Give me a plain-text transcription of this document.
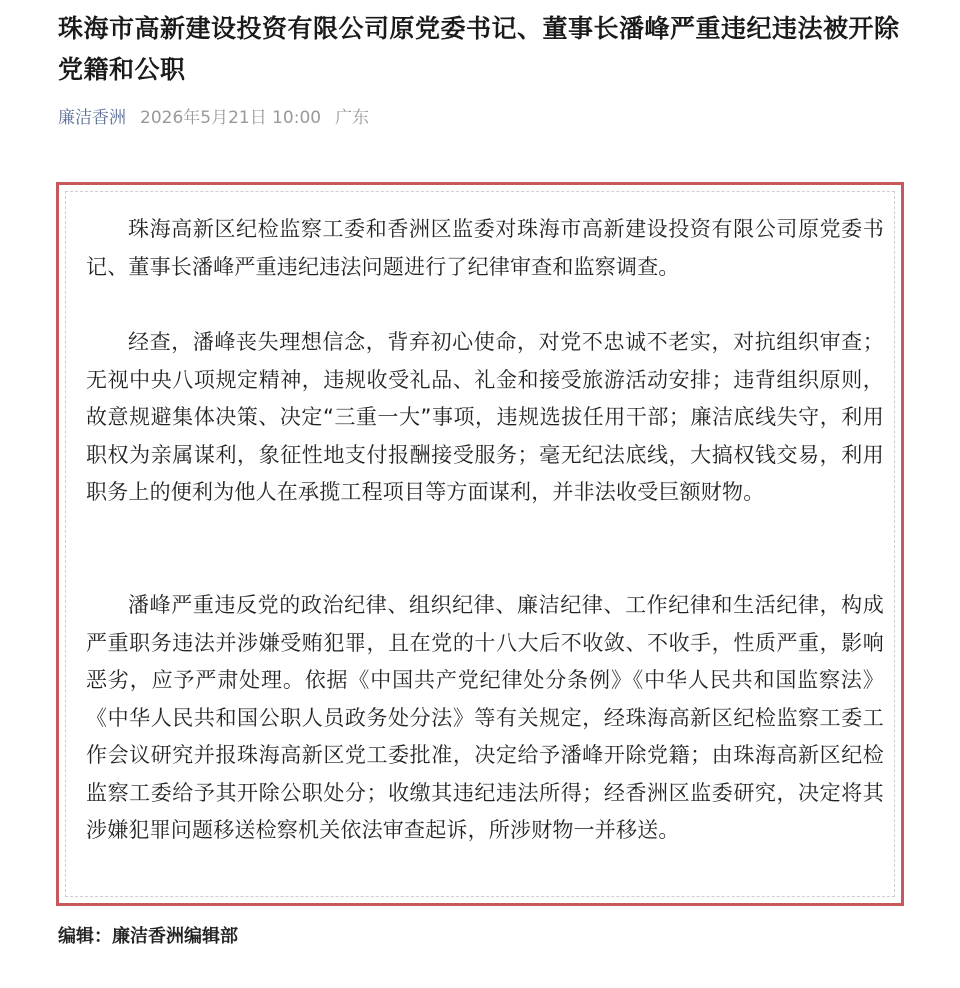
珠海市高新建设投资有限公司原党委书记、董事长潘峰严重违纪违法被开除党籍和公职
廉洁香洲 2026年5月21日 10:00 广东

珠海高新区纪检监察工委和香洲区监委对珠海市高新建设投资有限公司原党委书记、董事长潘峰严重违纪违法问题进行了纪律审查和监察调查。

经查，潘峰丧失理想信念，背弃初心使命，对党不忠诚不老实，对抗组织审查；无视中央八项规定精神，违规收受礼品、礼金和接受旅游活动安排；违背组织原则，故意规避集体决策、决定“三重一大”事项，违规选拔任用干部；廉洁底线失守，利用职权为亲属谋利，象征性地支付报酬接受服务；毫无纪法底线，大搞权钱交易，利用职务上的便利为他人在承揽工程项目等方面谋利，并非法收受巨额财物。

潘峰严重违反党的政治纪律、组织纪律、廉洁纪律、工作纪律和生活纪律，构成严重职务违法并涉嫌受贿犯罪，且在党的十八大后不收敛、不收手，性质严重，影响恶劣，应予严肃处理。依据《中国共产党纪律处分条例》《中华人民共和国监察法》《中华人民共和国公职人员政务处分法》等有关规定，经珠海高新区纪检监察工委工作会议研究并报珠海高新区党工委批准，决定给予潘峰开除党籍；由珠海高新区纪检监察工委给予其开除公职处分；收缴其违纪违法所得；经香洲区监委研究，决定将其涉嫌犯罪问题移送检察机关依法审查起诉，所涉财物一并移送。

编辑：廉洁香洲编辑部
